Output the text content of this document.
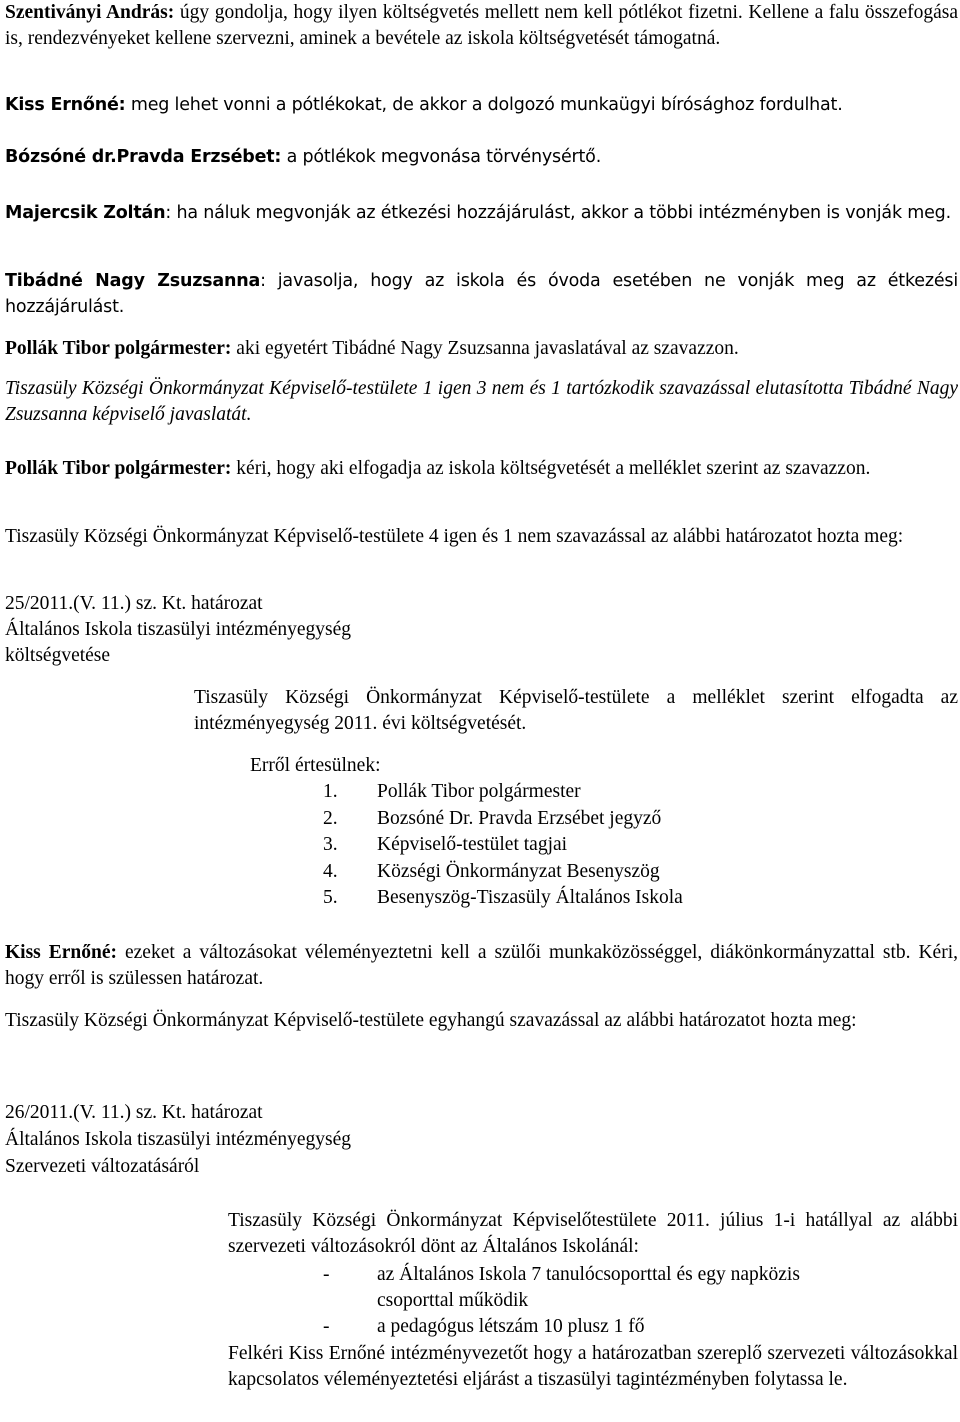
Szentiványi András: úgy gondolja, hogy ilyen költségvetés mellett nem kell pótlékot fizetni. Kellene a falu összefogása is, rendezvényeket kellene szervezni, aminek a bevétele az iskola költségvetését támogatná.
Kiss Ernőné: meg lehet vonni a pótlékokat, de akkor a dolgozó munkaügyi bírósághoz fordulhat.
Bózsóné dr.Pravda Erzsébet: a pótlékok megvonása törvénysértő.
Majercsik Zoltán: ha náluk megvonják az étkezési hozzájárulást, akkor a többi intézményben is vonják meg.
Tibádné Nagy Zsuzsanna: javasolja, hogy az iskola és óvoda esetében ne vonják meg az étkezési hozzájárulást.
Pollák Tibor polgármester: aki egyetért Tibádné Nagy Zsuzsanna javaslatával az szavazzon.
Tiszasüly Községi Önkormányzat Képviselő-testülete 1 igen 3 nem és 1 tartózkodik szavazással elutasította Tibádné Nagy Zsuzsanna képviselő javaslatát.
Pollák Tibor polgármester: kéri, hogy aki elfogadja az iskola költségvetését a melléklet szerint az szavazzon.
Tiszasüly Községi Önkormányzat Képviselő-testülete 4 igen és 1 nem szavazással az alábbi határozatot hozta meg:
25/2011.(V. 11.) sz. Kt. határozat
Általános Iskola tiszasülyi intézményegység
költségvetése
Tiszasüly Községi Önkormányzat Képviselő-testülete a melléklet szerint elfogadta az intézményegység 2011. évi költségvetését.
Erről értesülnek:
1. Pollák Tibor polgármester
2. Bozsóné Dr. Pravda Erzsébet jegyző
3. Képviselő-testület tagjai
4. Községi Önkormányzat Besenyszög
5. Besenyszög-Tiszasüly Általános Iskola
Kiss Ernőné: ezeket a változásokat véleményeztetni kell a szülői munkaközösséggel, diákönkormányzattal stb. Kéri, hogy erről is szülessen határozat.
Tiszasüly Községi Önkormányzat Képviselő-testülete egyhangú szavazással az alábbi határozatot hozta meg:
26/2011.(V. 11.) sz. Kt. határozat
Általános Iskola tiszasülyi intézményegység
Szervezeti változatásáról
Tiszasüly Községi Önkormányzat Képviselőtestülete 2011. július 1-i hatállyal az alábbi szervezeti változásokról dönt az Általános Iskolánál:
- az Általános Iskola 7 tanulócsoporttal és egy napközis
csoporttal működik
- a pedagógus létszám 10 plusz 1 fő
Felkéri Kiss Ernőné intézményvezetőt hogy a határozatban szereplő szervezeti változásokkal kapcsolatos véleményeztetési eljárást a tiszasülyi tagintézményben folytassa le.
